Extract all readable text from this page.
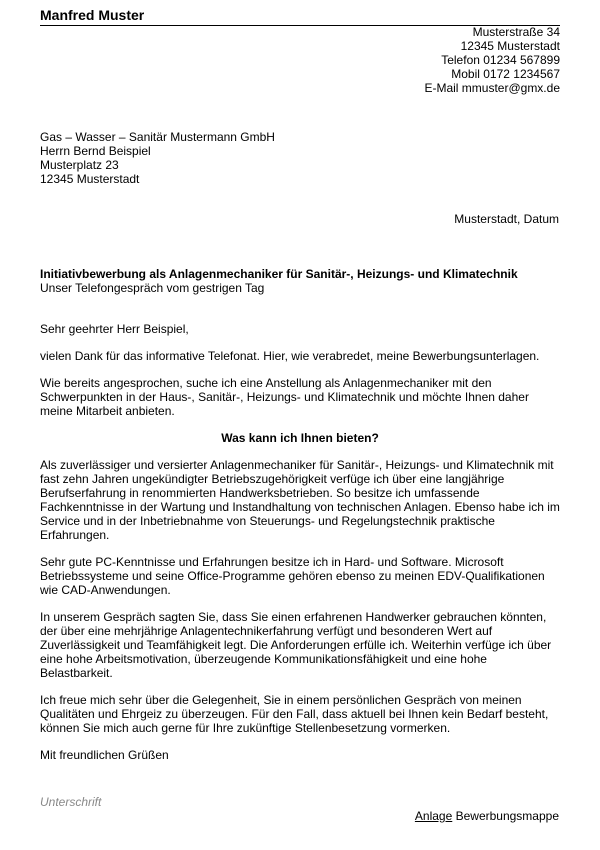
Manfred Muster
Musterstraße 34
12345 Musterstadt
Telefon 01234 567899
Mobil 0172 1234567
E-Mail mmuster@gmx.de
Gas – Wasser – Sanitär Mustermann GmbH
Herrn Bernd Beispiel
Musterplatz 23
12345 Musterstadt
Musterstadt, Datum
Initiativbewerbung als Anlagenmechaniker für Sanitär-, Heizungs- und Klimatechnik
Unser Telefongespräch vom gestrigen Tag

Sehr geehrter Herr Beispiel,

vielen Dank für das informative Telefonat. Hier, wie verabredet, meine Bewerbungsunterlagen.

Wie bereits angesprochen, suche ich eine Anstellung als Anlagenmechaniker mit den Schwerpunkten in der Haus-, Sanitär-, Heizungs- und Klimatechnik und möchte Ihnen daher meine Mitarbeit anbieten.

Was kann ich Ihnen bieten?

Als zuverlässiger und versierter Anlagenmechaniker für Sanitär-, Heizungs- und Klimatechnik mit fast zehn Jahren ungekündigter Betriebszugehörigkeit verfüge ich über eine langjährige Berufserfahrung in renommierten Handwerksbetrieben. So besitze ich umfassende Fachkenntnisse in der Wartung und Instandhaltung von technischen Anlagen. Ebenso habe ich im Service und in der Inbetriebnahme von Steuerungs- und Regelungstechnik praktische Erfahrungen.

Sehr gute PC-Kenntnisse und Erfahrungen besitze ich in Hard- und Software. Microsoft Betriebssysteme und seine Office-Programme gehören ebenso zu meinen EDV-Qualifikationen wie CAD-Anwendungen.

In unserem Gespräch sagten Sie, dass Sie einen erfahrenen Handwerker gebrauchen könnten, der über eine mehrjährige Anlagentechnikerfahrung verfügt und besonderen Wert auf Zuverlässigkeit und Teamfähigkeit legt. Die Anforderungen erfülle ich. Weiterhin verfüge ich über eine hohe Arbeitsmotivation, überzeugende Kommunikationsfähigkeit und eine hohe Belastbarkeit.

Ich freue mich sehr über die Gelegenheit, Sie in einem persönlichen Gespräch von meinen Qualitäten und Ehrgeiz zu überzeugen. Für den Fall, dass aktuell bei Ihnen kein Bedarf besteht, können Sie mich auch gerne für Ihre zukünftige Stellenbesetzung vormerken.

Mit freundlichen Grüßen

Unterschrift
Anlage Bewerbungsmappe
